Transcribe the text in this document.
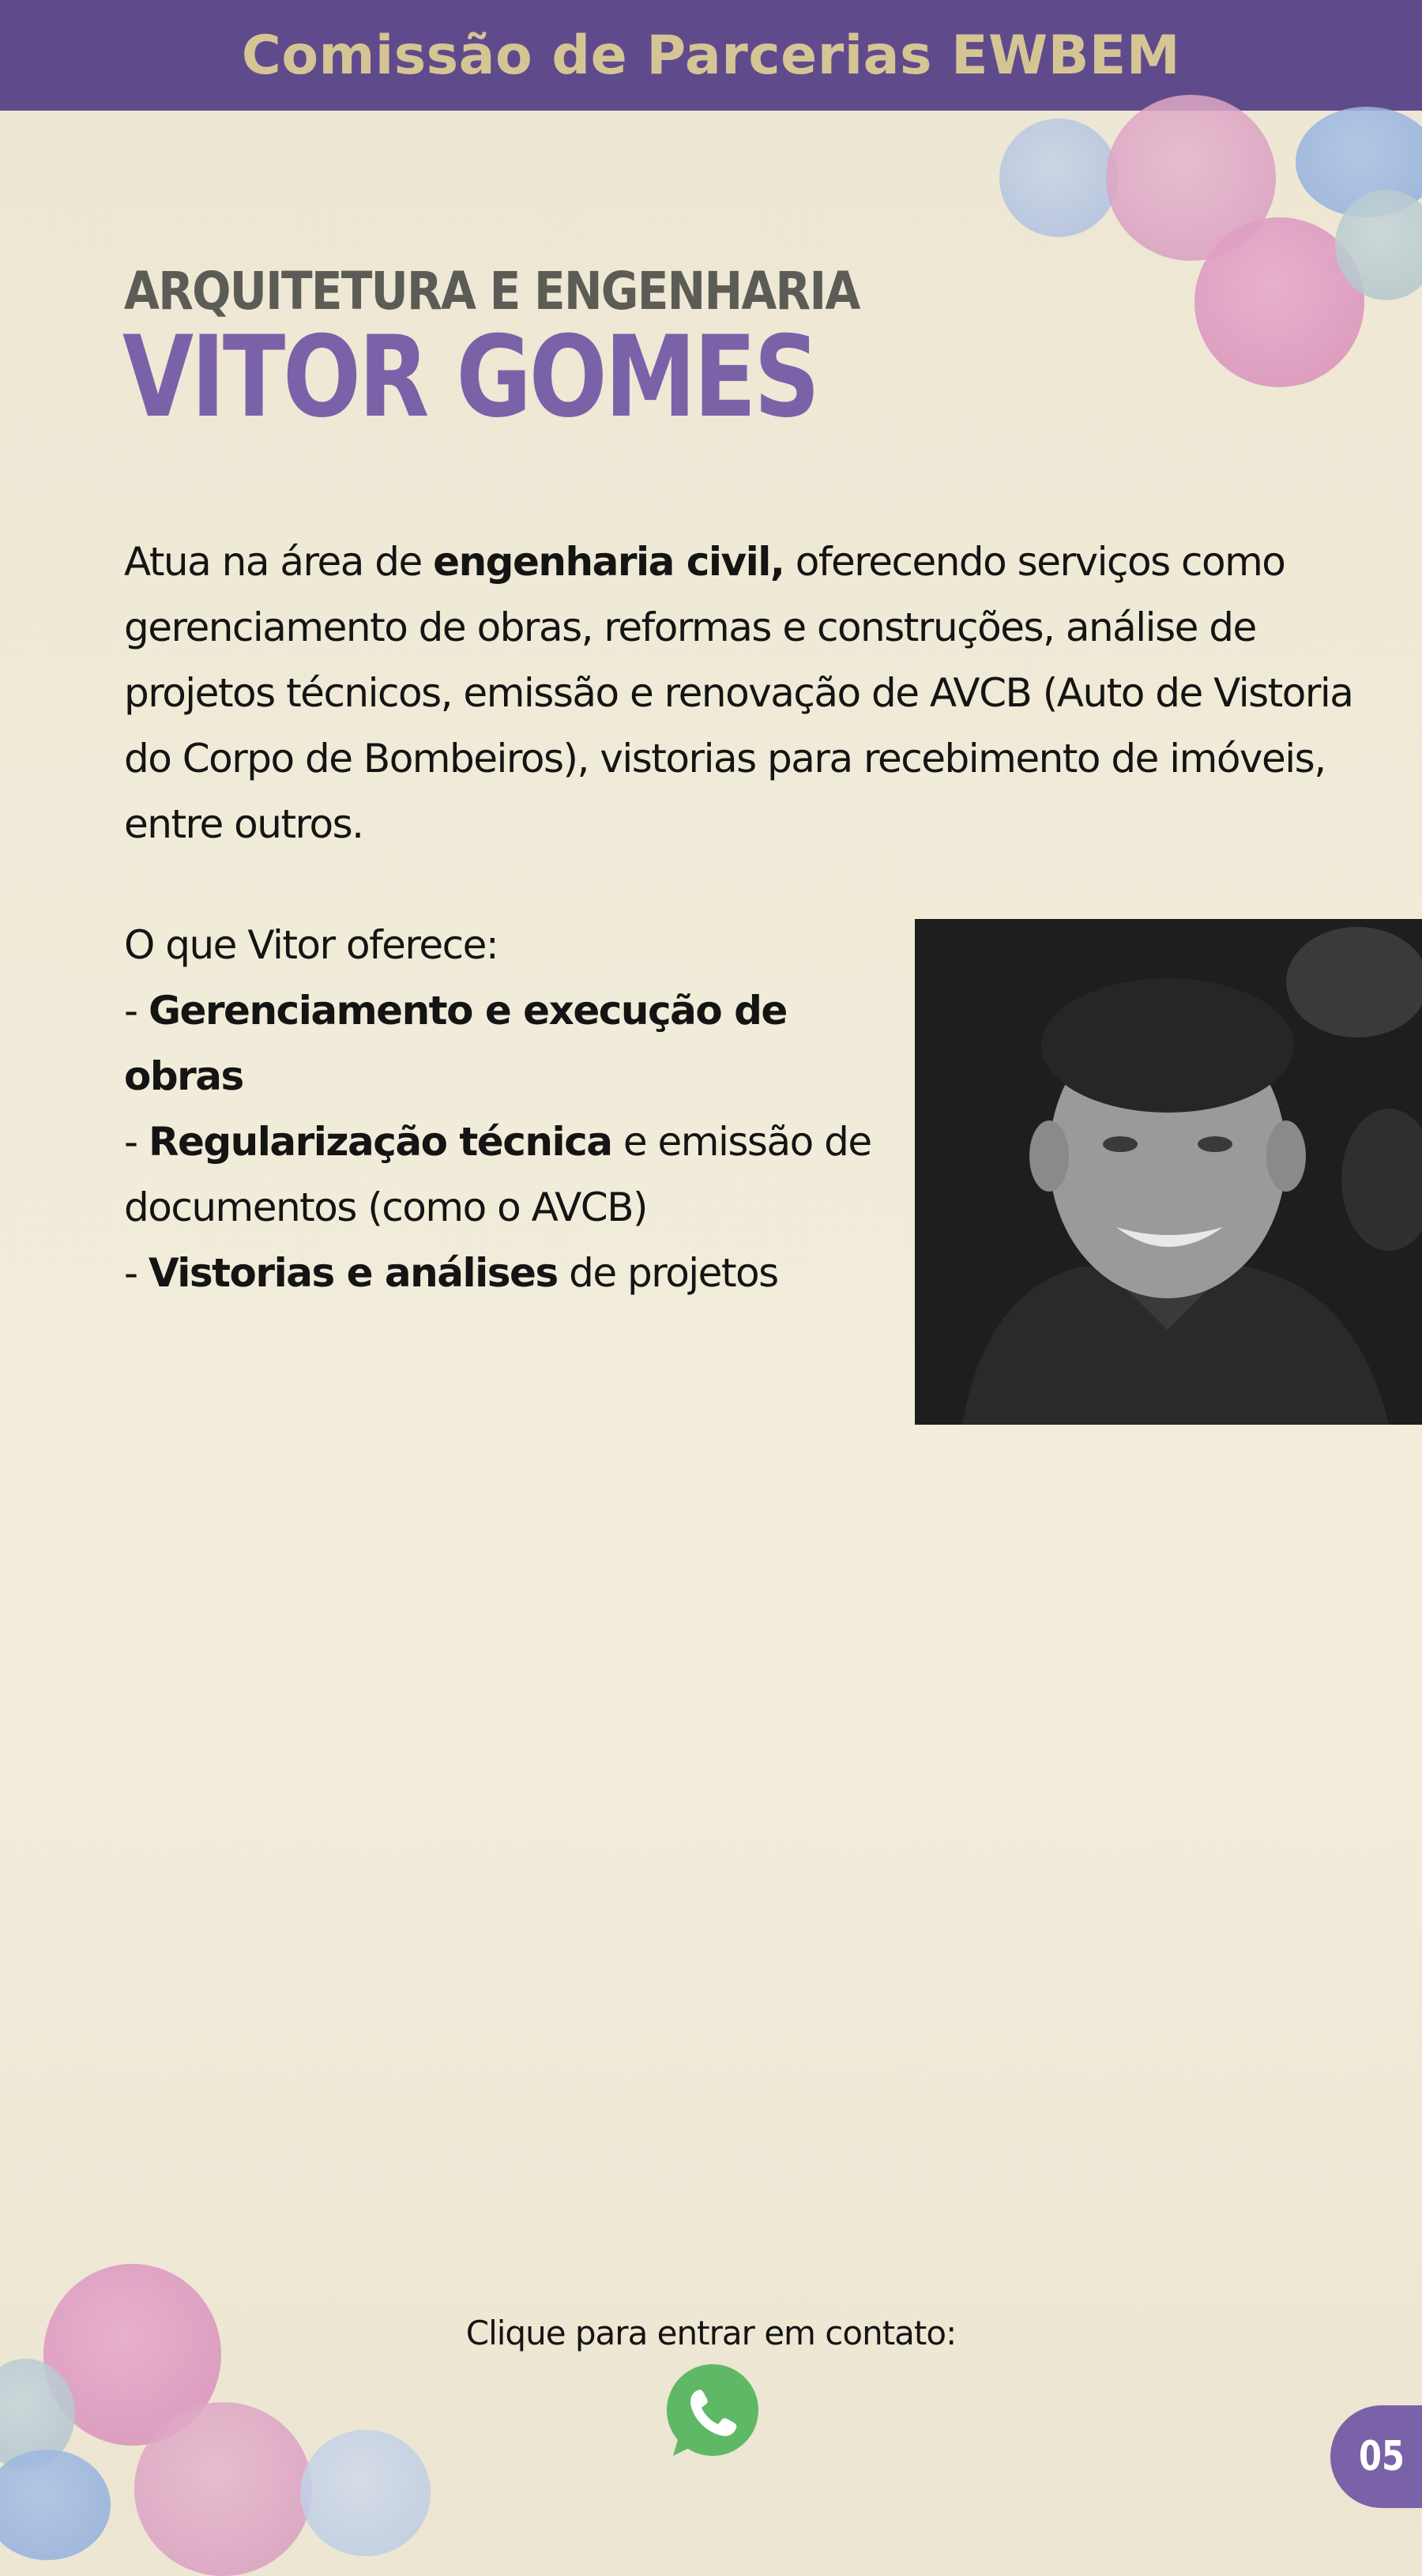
Comissão de Parcerias EWBEM
ARQUITETURA E ENGENHARIA
VITOR GOMES
Atua na área de engenharia civil, oferecendo serviços como gerenciamento de obras, reformas e construções, análise de projetos técnicos, emissão e renovação de AVCB (Auto de Vistoria do Corpo de Bombeiros), vistorias para recebimento de imóveis, entre outros.

O que Vitor oferece:

- Gerenciamento e execução de obras

- Regularização técnica e emissão de documentos (como o AVCB)

- Vistorias e análises de projetos

Clique para entrar em contato:
05
